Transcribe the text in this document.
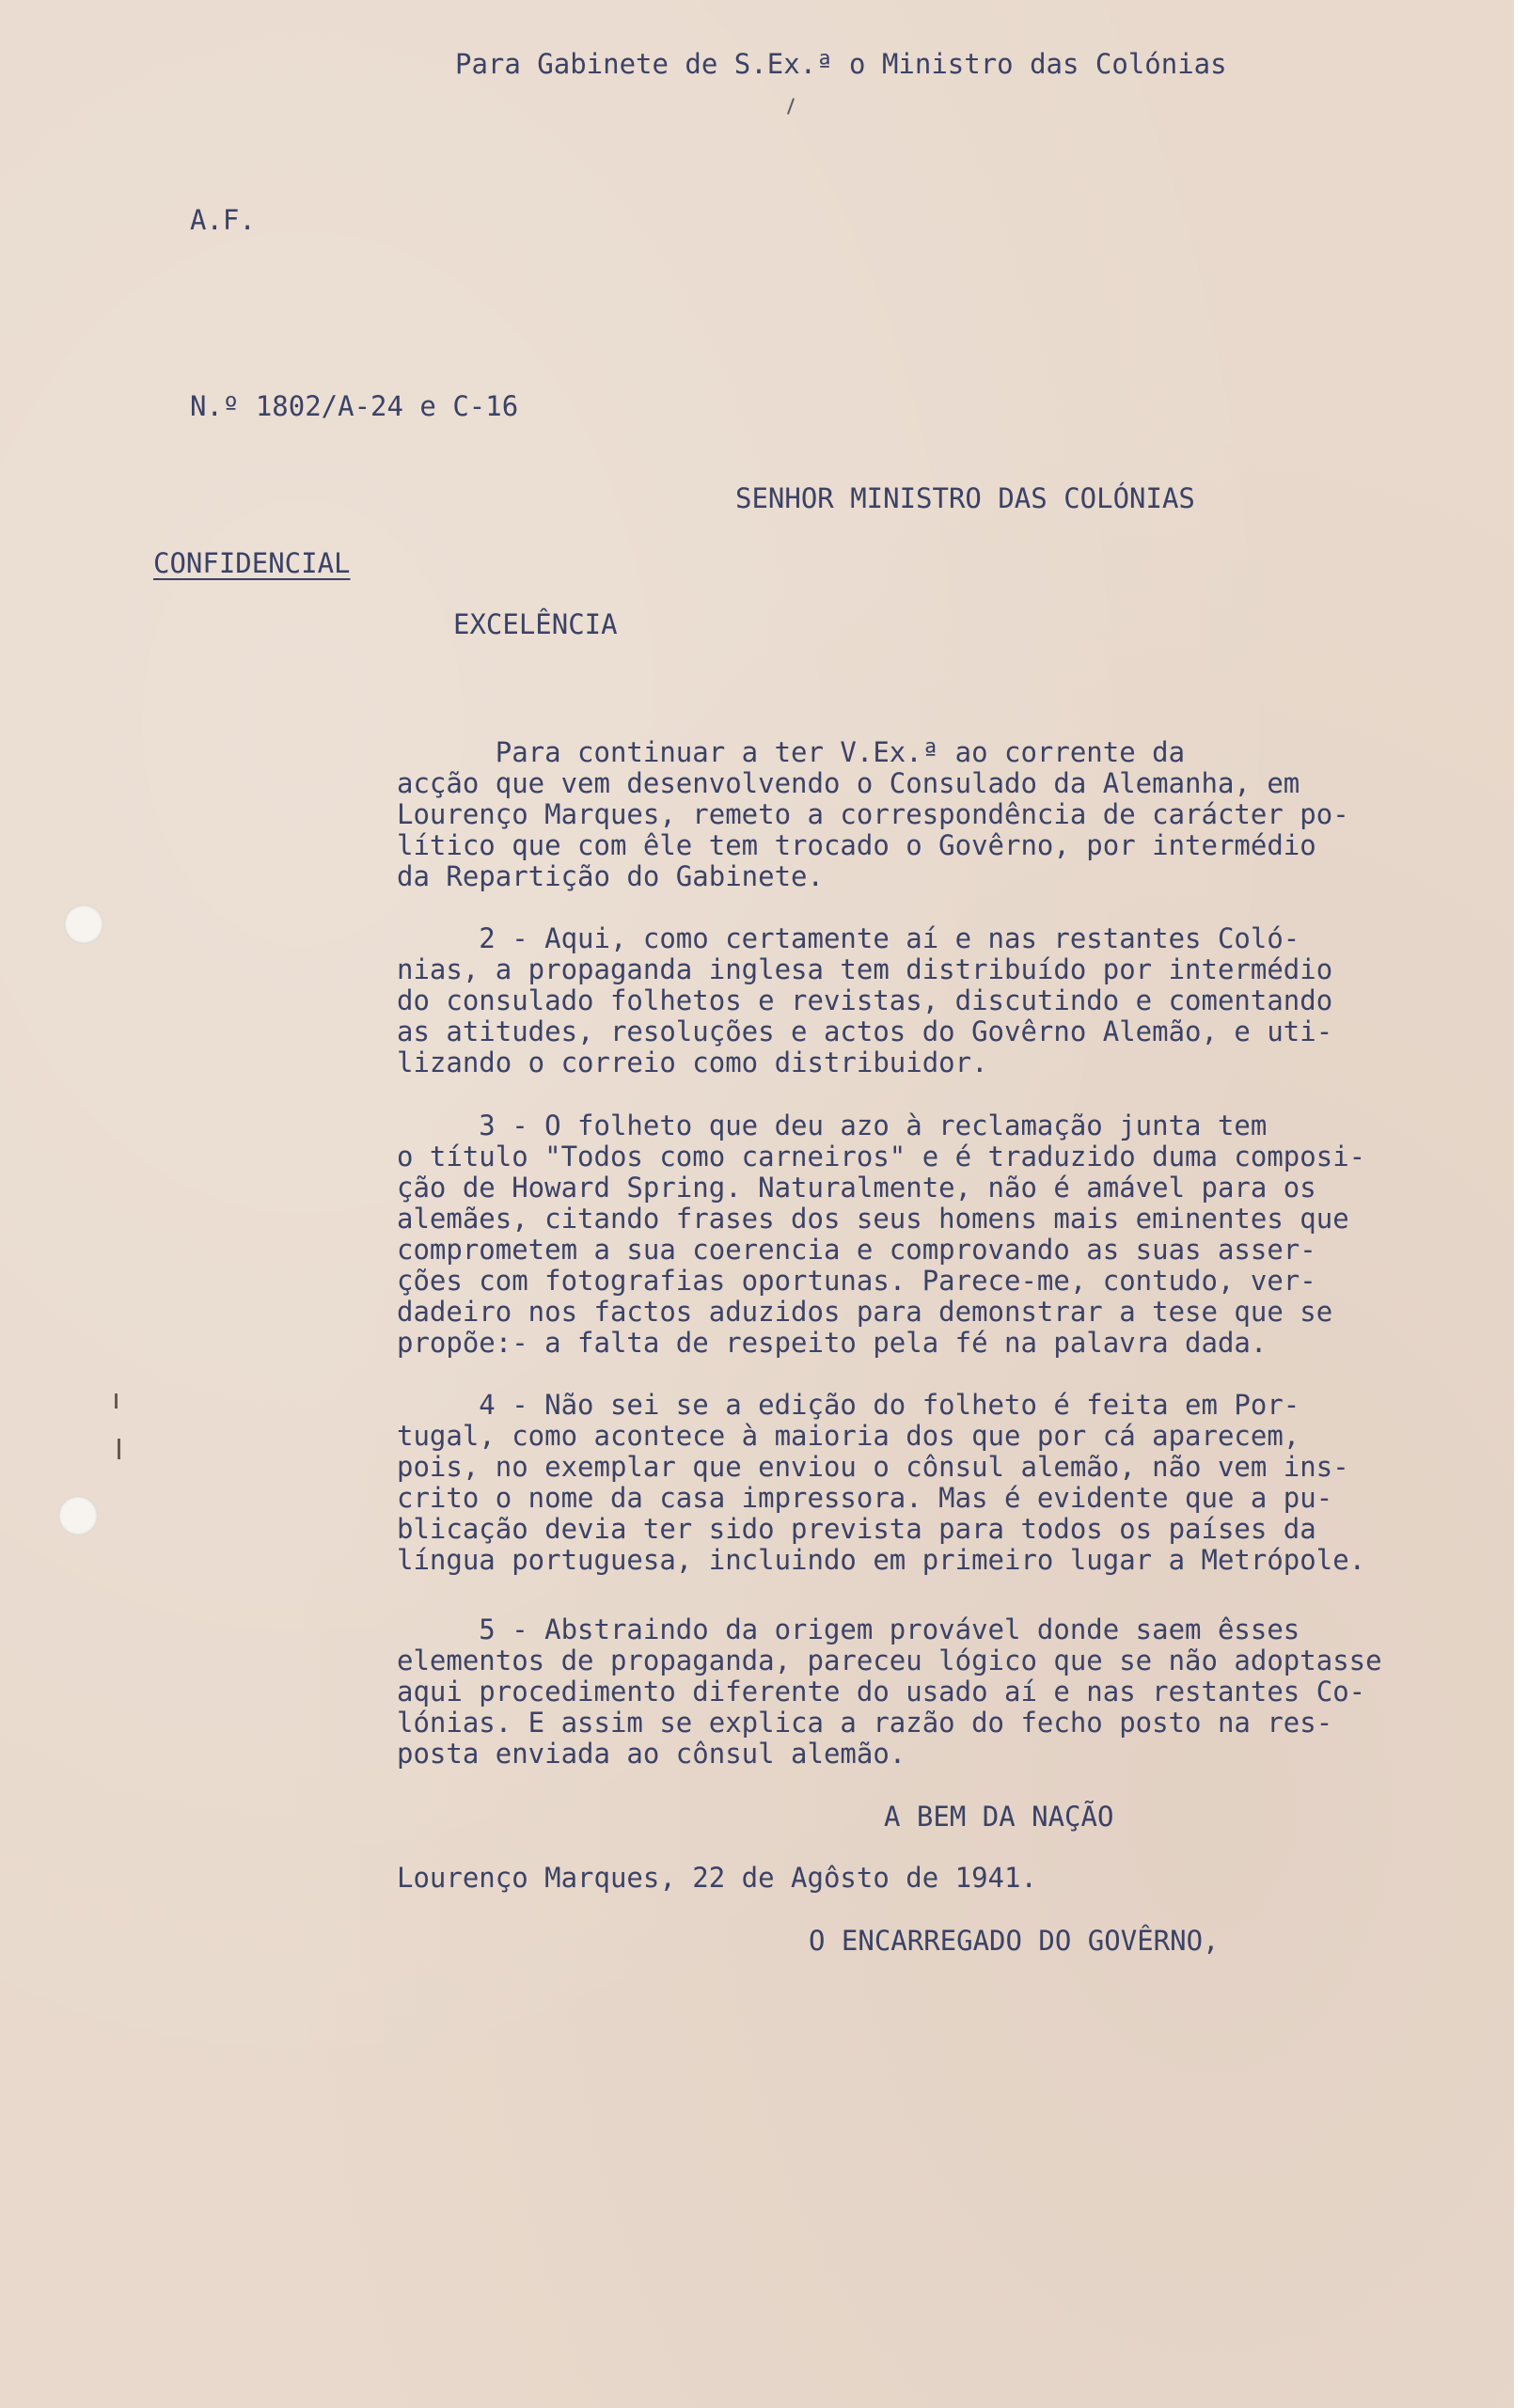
Para Gabinete de S.Ex.ª o Ministro das Colónias

A.F.

N.º 1802/A-24 e C-16

SENHOR MINISTRO DAS COLÓNIAS

CONFIDENCIAL

EXCELÊNCIA

Para continuar a ter V.Ex.ª ao corrente da
acção que vem desenvolvendo o Consulado da Alemanha, em
Lourenço Marques, remeto a correspondência de carácter po-
lítico que com êle tem trocado o Govêrno, por intermédio
da Repartição do Gabinete.
2 - Aqui, como certamente aí e nas restantes Coló-
nias, a propaganda inglesa tem distribuído por intermédio
do consulado folhetos e revistas, discutindo e comentando
as atitudes, resoluções e actos do Govêrno Alemão, e uti-
lizando o correio como distribuidor.
3 - O folheto que deu azo à reclamação junta tem
o título "Todos como carneiros" e é traduzido duma composi-
ção de Howard Spring. Naturalmente, não é amável para os
alemães, citando frases dos seus homens mais eminentes que
comprometem a sua coerencia e comprovando as suas asser-
ções com fotografias oportunas. Parece-me, contudo, ver-
dadeiro nos factos aduzidos para demonstrar a tese que se
propõe:- a falta de respeito pela fé na palavra dada.
4 - Não sei se a edição do folheto é feita em Por-
tugal, como acontece à maioria dos que por cá aparecem,
pois, no exemplar que enviou o cônsul alemão, não vem ins-
crito o nome da casa impressora. Mas é evidente que a pu-
blicação devia ter sido prevista para todos os países da
língua portuguesa, incluindo em primeiro lugar a Metrópole.
5 - Abstraindo da origem provável donde saem êsses
elementos de propaganda, pareceu lógico que se não adoptasse
aqui procedimento diferente do usado aí e nas restantes Co-
lónias. E assim se explica a razão do fecho posto na res-
posta enviada ao cônsul alemão.

A BEM DA NAÇÃO

Lourenço Marques, 22 de Agôsto de 1941.

O ENCARREGADO DO GOVÊRNO,
